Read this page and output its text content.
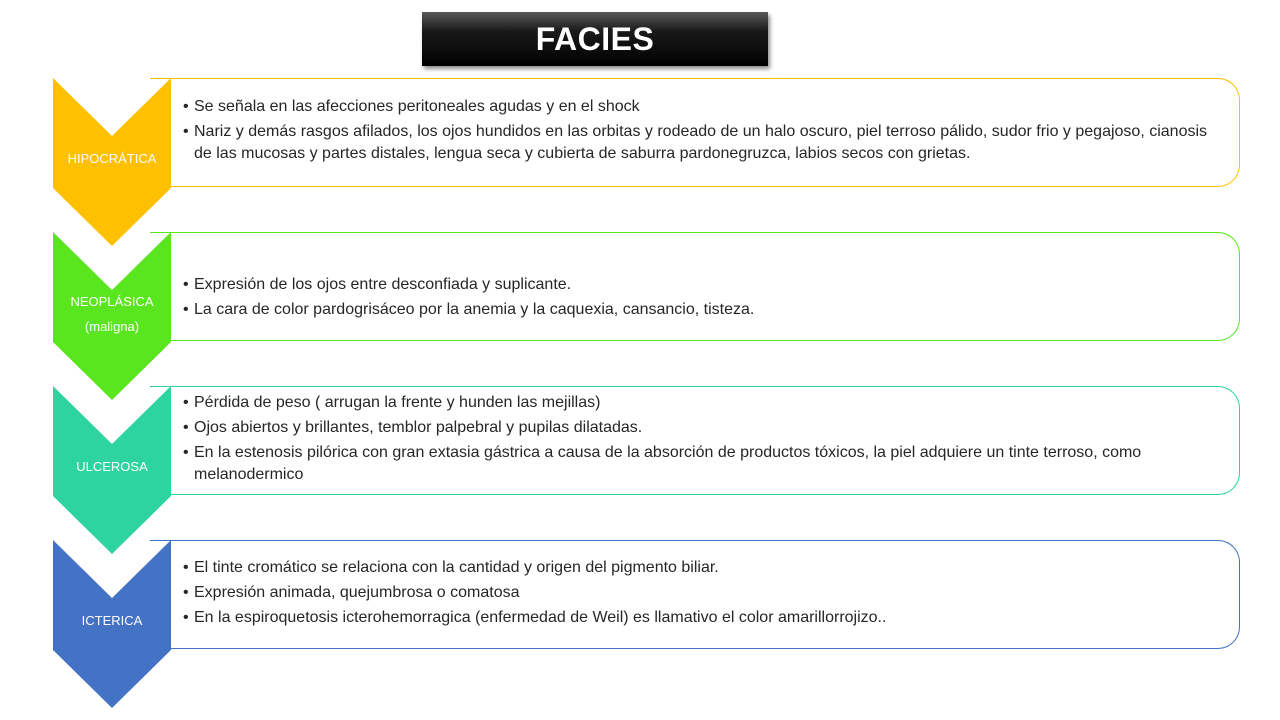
FACIES
HIPOCRÁTICA
• Se señala en las afecciones peritoneales agudas y en el shock
• Nariz y demás rasgos afilados, los ojos hundidos en las orbitas y rodeado de un halo oscuro, piel terroso pálido, sudor frio y pegajoso, cianosis de las mucosas y partes distales, lengua seca y cubierta de saburra pardonegruzca, labios secos con grietas.
NEOPLÁSICA
(maligna)
• Expresión de los ojos entre desconfiada y suplicante.
• La cara de color pardogrisáceo por la anemia y la caquexia, cansancio, tisteza.
ULCEROSA
• Pérdida de peso ( arrugan la frente y hunden las mejillas)
• Ojos abiertos y brillantes, temblor palpebral y pupilas dilatadas.
• En la estenosis pilórica con gran extasia gástrica a causa de la absorción de productos tóxicos, la piel adquiere un tinte terroso, como melanodermico
ICTERICA
• El tinte cromático se relaciona con la cantidad y origen del pigmento biliar.
• Expresión animada, quejumbrosa o comatosa
• En la espiroquetosis icterohemorragica (enfermedad de Weil) es llamativo el color amarillorrojizo..
